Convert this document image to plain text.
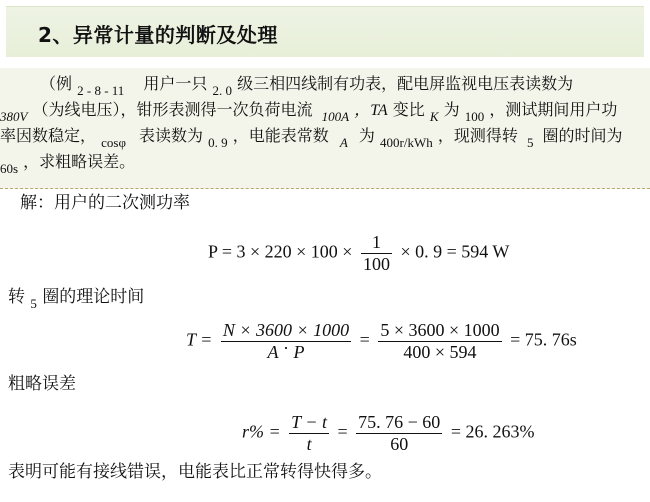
2、异常计量的判断及处理
（例 $_{2 - 8 - 11}$ 用户一只 $_{2. 0}$ 级三相四线制有功表，配电屏监视电压表读数为
$_{380V}$ （为线电压），钳形表测得一次负荷电流 $_{100A}$ ，TA 变比 $_K$ 为 $_{100}$ ，测试期间用户功
率因数稳定， $_{cos\varphi}$ 表读数为 $_{0. 9}$ ，电能表常数 $_A$ 为 $_{400r/kWh}$ ，现测得转 $_5$ 圈的时间为
$_{60s}$ ，求粗略误差。
解：用户的二次测功率
$P = 3 \times 220 \times 100 \times \frac{1}{100} \times 0$. 9 = 594 W
转 $_5$ 圈的理论时间
$T = \frac{N \times 3600 \times 1000}{A \cdot P} = \frac{5 \times 3600 \times 1000}{400 \times 594} = 75$. 76s
粗略误差
$r\% = \frac{T - t}{t} = \frac{75. 76 - 60}{60} = 26$. 263%
表明可能有接线错误，电能表比正常转得快得多。
